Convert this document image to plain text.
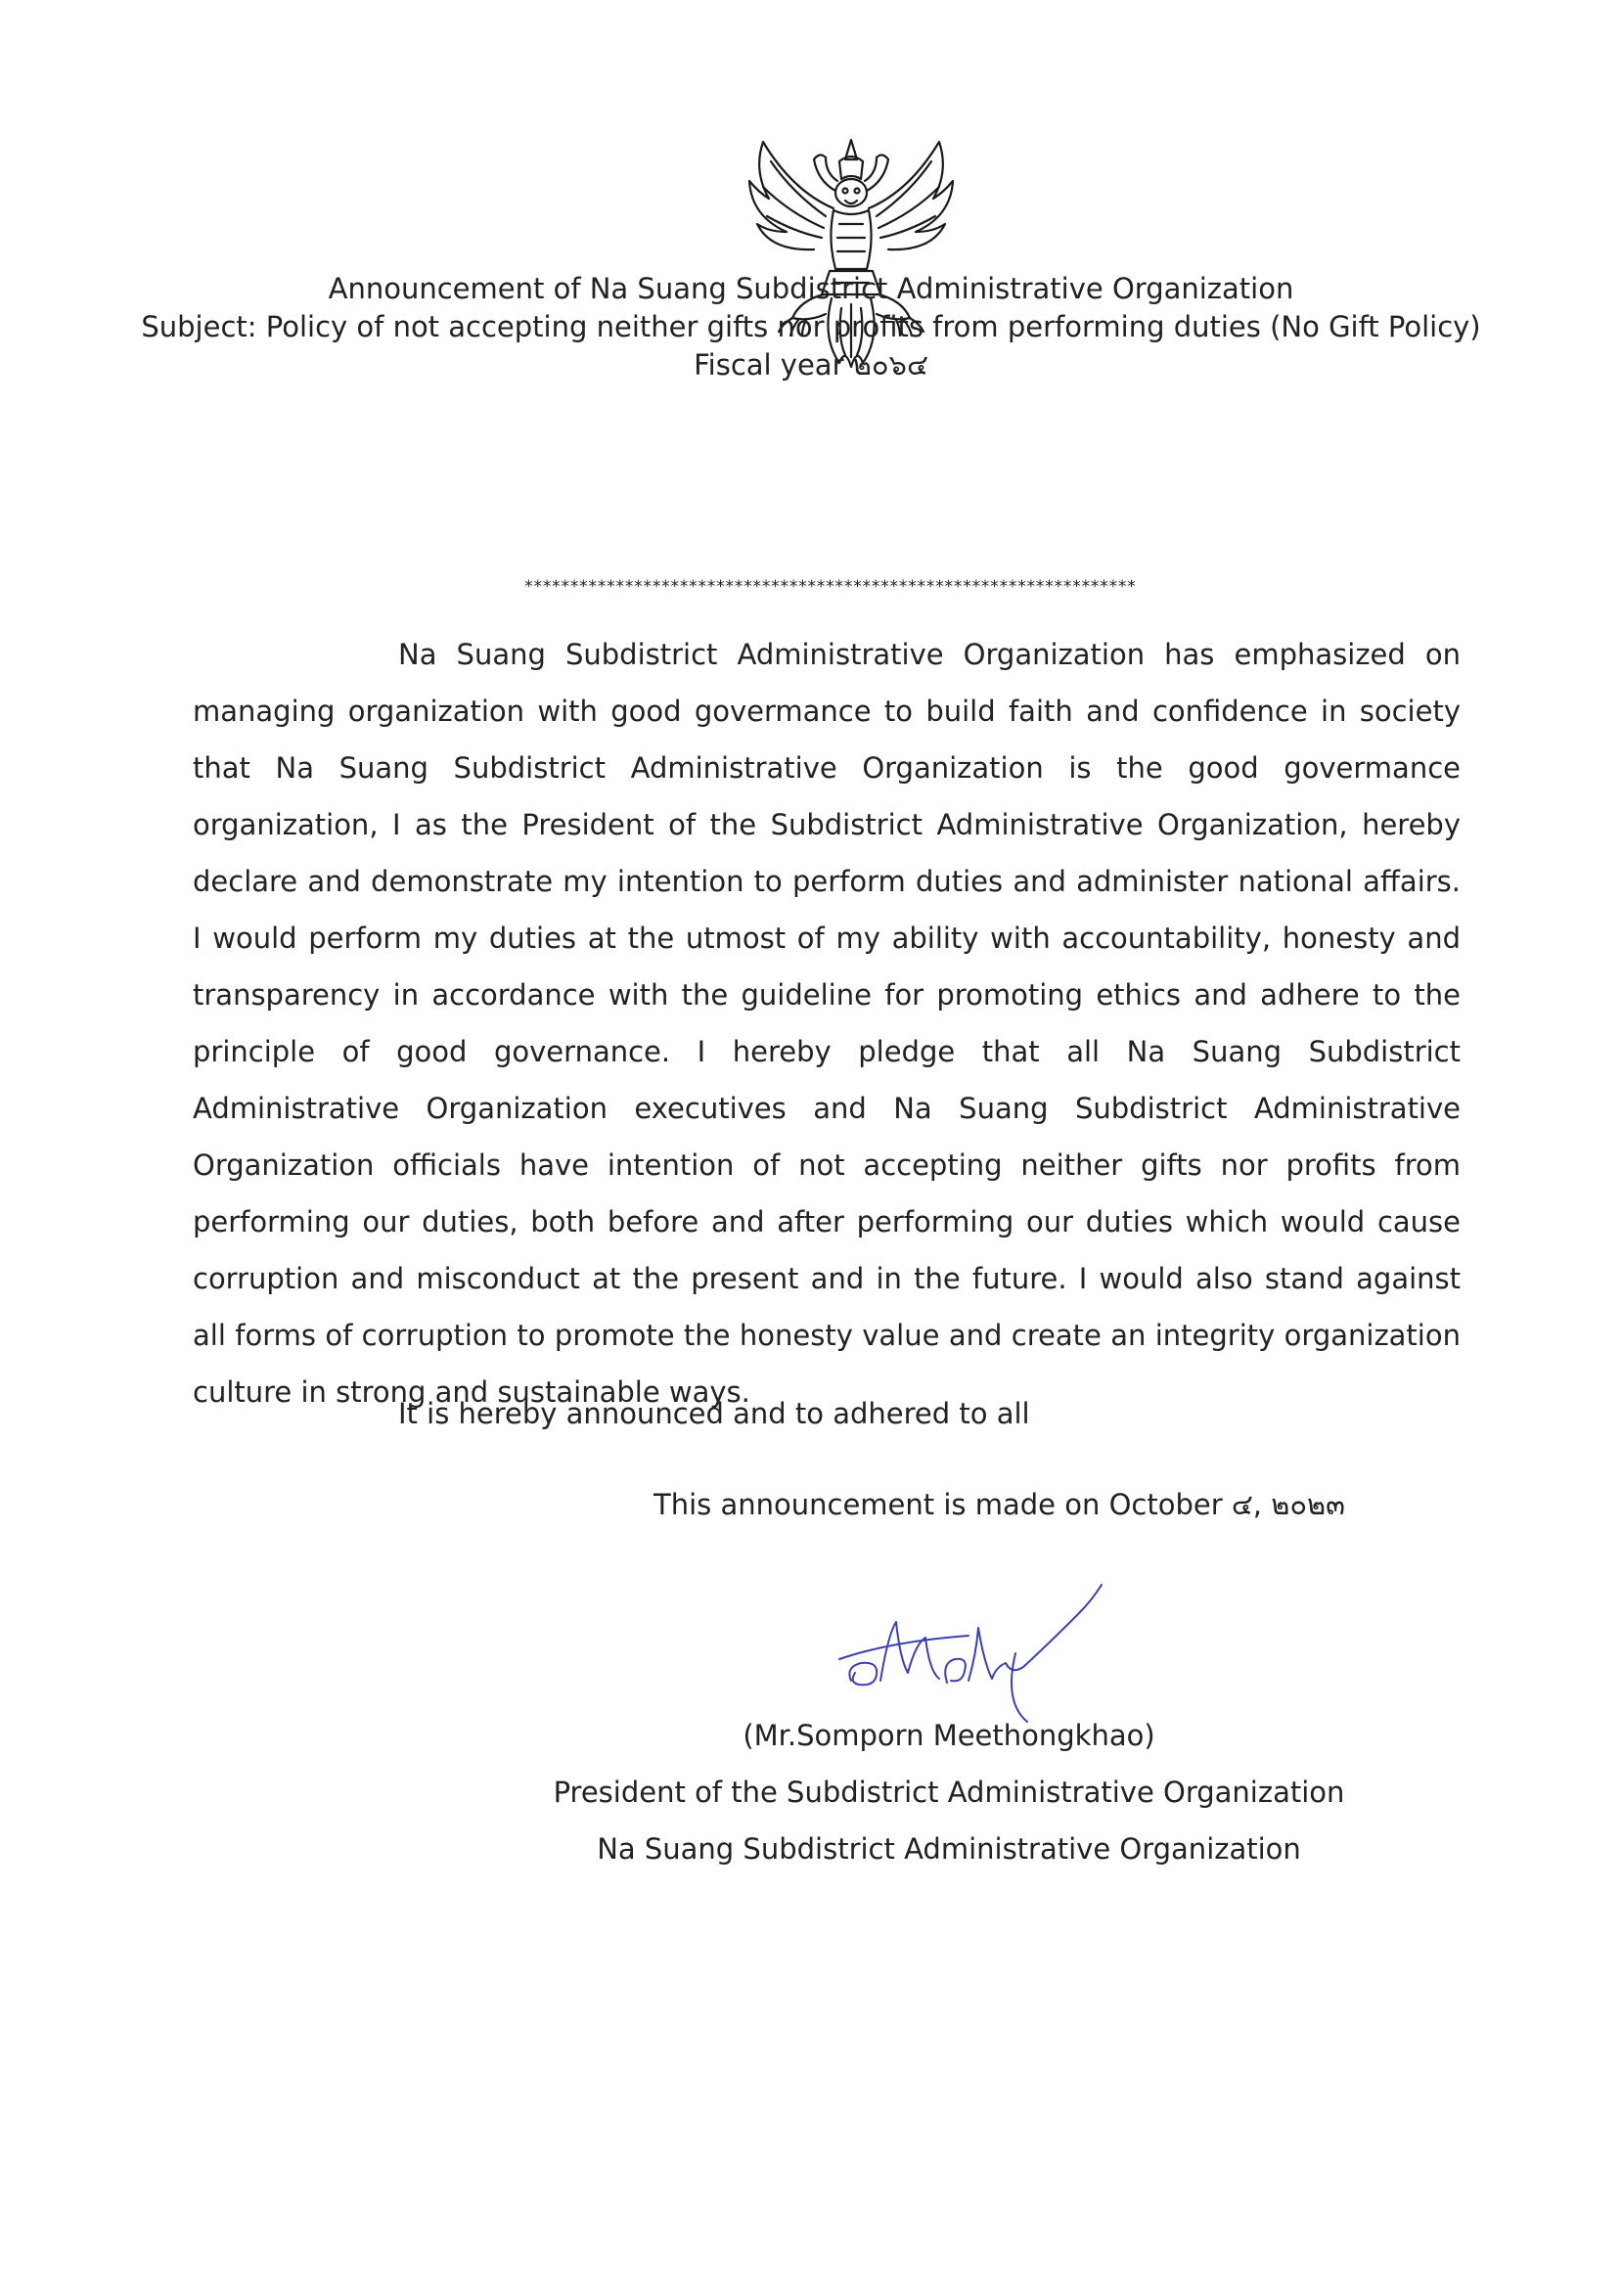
Announcement of Na Suang Subdistrict Administrative Organization
Subject: Policy of not accepting neither gifts nor profits from performing duties (No Gift Policy)
Fiscal year ๒๐๖๔
*******************************************************************

Na Suang Subdistrict Administrative Organization has emphasized on managing organization with good govermance to build faith and confidence in society that Na Suang Subdistrict Administrative Organization is the good govermance organization, I as the President of the Subdistrict Administrative Organization, hereby declare and demonstrate my intention to perform duties and administer national affairs. I would perform my duties at the utmost of my ability with accountability, honesty and transparency in accordance with the guideline for promoting ethics and adhere to the principle of good governance. I hereby pledge that all Na Suang Subdistrict Administrative Organization executives and Na Suang Subdistrict Administrative Organization officials have intention of not accepting neither gifts nor profits from performing our duties, both before and after performing our duties which would cause corruption and misconduct at the present and in the future. I would also stand against all forms of corruption to promote the honesty value and create an integrity organization culture in strong and sustainable ways.

It is hereby announced and to adhered to all
This announcement is made on October ๔, ๒๐๒๓
(Mr.Somporn Meethongkhao)
President of the Subdistrict Administrative Organization
Na Suang Subdistrict Administrative Organization
